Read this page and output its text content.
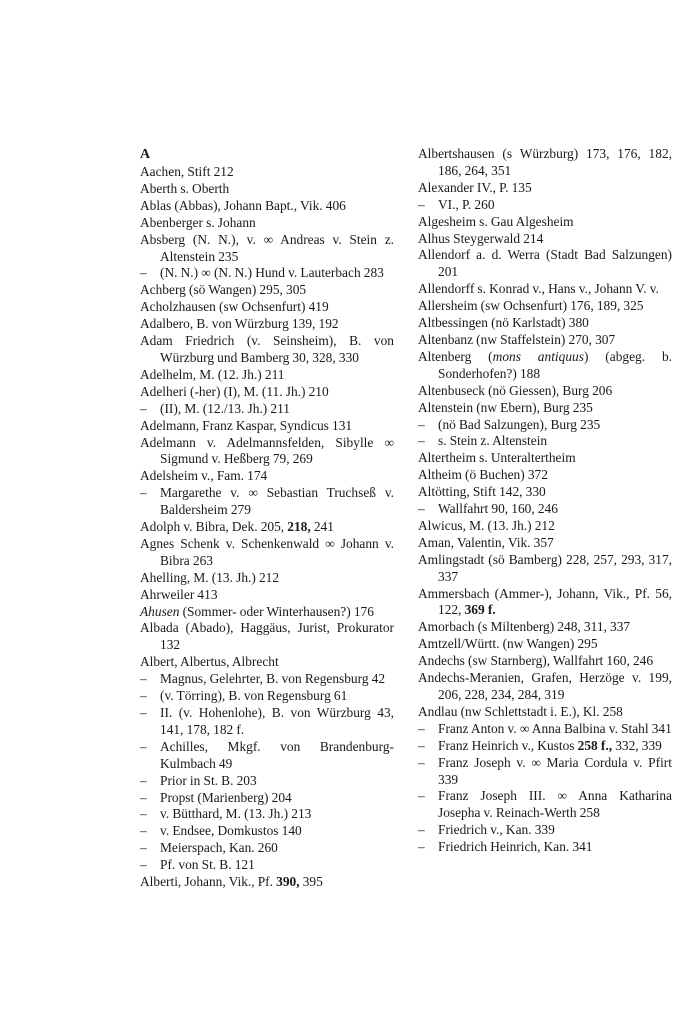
A
Aachen, Stift 212
Aberth s. Oberth
Ablas (Abbas), Johann Bapt., Vik. 406
Abenberger s. Johann
Absberg (N. N.), v. ∞ Andreas v. Stein z. Altenstein 235
– (N. N.) ∞ (N. N.) Hund v. Lauterbach 283
Achberg (sö Wangen) 295, 305
Acholzhausen (sw Ochsenfurt) 419
Adalbero, B. von Würzburg 139, 192
Adam Friedrich (v. Seinsheim), B. von Würzburg und Bamberg 30, 328, 330
Adelhelm, M. (12. Jh.) 211
Adelheri (-her) (I), M. (11. Jh.) 210
– (II), M. (12./13. Jh.) 211
Adelmann, Franz Kaspar, Syndicus 131
Adelmann v. Adelmannsfelden, Sibylle ∞ Sigmund v. Heßberg 79, 269
Adelsheim v., Fam. 174
– Margarethe v. ∞ Sebastian Truchseß v. Baldersheim 279
Adolph v. Bibra, Dek. 205, 218, 241
Agnes Schenk v. Schenkenwald ∞ Johann v. Bibra 263
Ahelling, M. (13. Jh.) 212
Ahrweiler 413
Ahusen (Sommer- oder Winterhausen?) 176
Albada (Abado), Haggäus, Jurist, Prokurator 132
Albert, Albertus, Albrecht
– Magnus, Gelehrter, B. von Regensburg 42
– (v. Törring), B. von Regensburg 61
– II. (v. Hohenlohe), B. von Würzburg 43, 141, 178, 182 f.
– Achilles, Mkgf. von Brandenburg-Kulmbach 49
– Prior in St. B. 203
– Propst (Marienberg) 204
– v. Bütthard, M. (13. Jh.) 213
– v. Endsee, Domkustos 140
– Meierspach, Kan. 260
– Pf. von St. B. 121
Alberti, Johann, Vik., Pf. 390, 395
Albertshausen (s Würzburg) 173, 176, 182, 186, 264, 351
Alexander IV., P. 135
– VI., P. 260
Algesheim s. Gau Algesheim
Alhus Steygerwald 214
Allendorf a. d. Werra (Stadt Bad Salzungen) 201
Allendorff s. Konrad v., Hans v., Johann V. v.
Allersheim (sw Ochsenfurt) 176, 189, 325
Altbessingen (nö Karlstadt) 380
Altenbanz (nw Staffelstein) 270, 307
Altenberg (mons antiquus) (abgeg. b. Sonderhofen?) 188
Altenbuseck (nö Giessen), Burg 206
Altenstein (nw Ebern), Burg 235
– (nö Bad Salzungen), Burg 235
– s. Stein z. Altenstein
Altertheim s. Unteraltertheim
Altheim (ö Buchen) 372
Altötting, Stift 142, 330
– Wallfahrt 90, 160, 246
Alwicus, M. (13. Jh.) 212
Aman, Valentin, Vik. 357
Amlingstadt (sö Bamberg) 228, 257, 293, 317, 337
Ammersbach (Ammer-), Johann, Vik., Pf. 56, 122, 369 f.
Amorbach (s Miltenberg) 248, 311, 337
Amtzell/Württ. (nw Wangen) 295
Andechs (sw Starnberg), Wallfahrt 160, 246
Andechs-Meranien, Grafen, Herzöge v. 199, 206, 228, 234, 284, 319
Andlau (nw Schlettstadt i. E.), Kl. 258
– Franz Anton v. ∞ Anna Balbina v. Stahl 341
– Franz Heinrich v., Kustos 258 f., 332, 339
– Franz Joseph v. ∞ Maria Cordula v. Pfirt 339
– Franz Joseph III. ∞ Anna Katharina Josepha v. Reinach-Werth 258
– Friedrich v., Kan. 339
– Friedrich Heinrich, Kan. 341
